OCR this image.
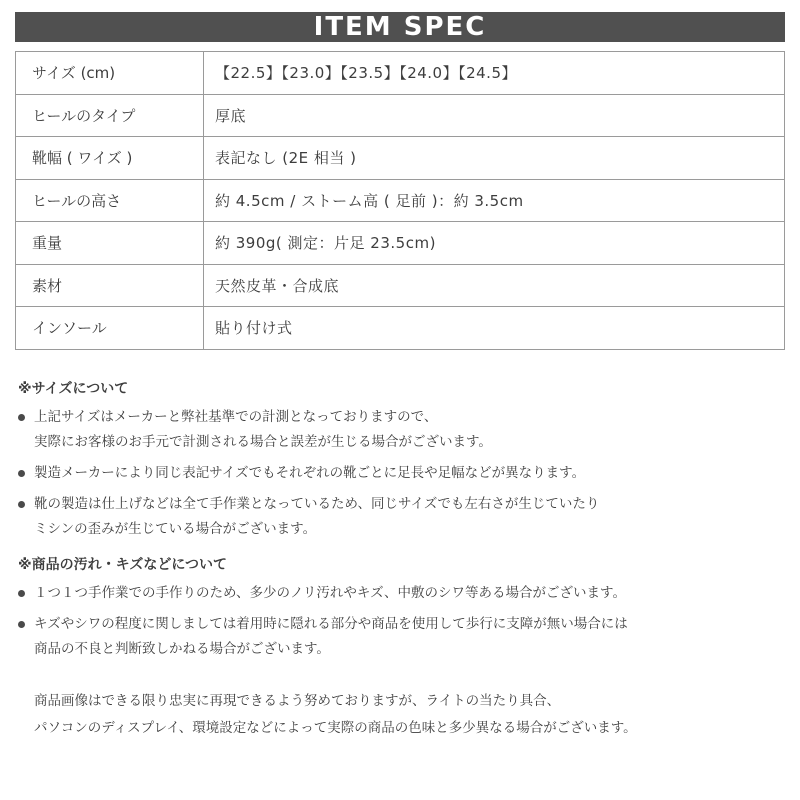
ITEM SPEC
サイズ (cm)	【22.5】【23.0】【23.5】【24.0】【24.5】
ヒールのタイプ	厚底
靴幅 ( ワイズ )	表記なし (2E 相当 )
ヒールの高さ	約 4.5cm / ストーム高 ( 足前 )：約 3.5cm
重量	約 390g( 測定：片足 23.5cm)
素材	天然皮革・合成底
インソール	貼り付け式
※サイズについて
上記サイズはメーカーと弊社基準での計測となっておりますので、
実際にお客様のお手元で計測される場合と誤差が生じる場合がございます。
製造メーカーにより同じ表記サイズでもそれぞれの靴ごとに足長や足幅などが異なります。
靴の製造は仕上げなどは全て手作業となっているため、同じサイズでも左右さが生じていたり
ミシンの歪みが生じている場合がございます。
※商品の汚れ・キズなどについて
１つ１つ手作業での手作りのため、多少のノリ汚れやキズ、中敷のシワ等ある場合がございます。
キズやシワの程度に関しましては着用時に隠れる部分や商品を使用して歩行に支障が無い場合には
商品の不良と判断致しかねる場合がございます。
商品画像はできる限り忠実に再現できるよう努めておりますが、ライトの当たり具合、
パソコンのディスプレイ、環境設定などによって実際の商品の色味と多少異なる場合がございます。
